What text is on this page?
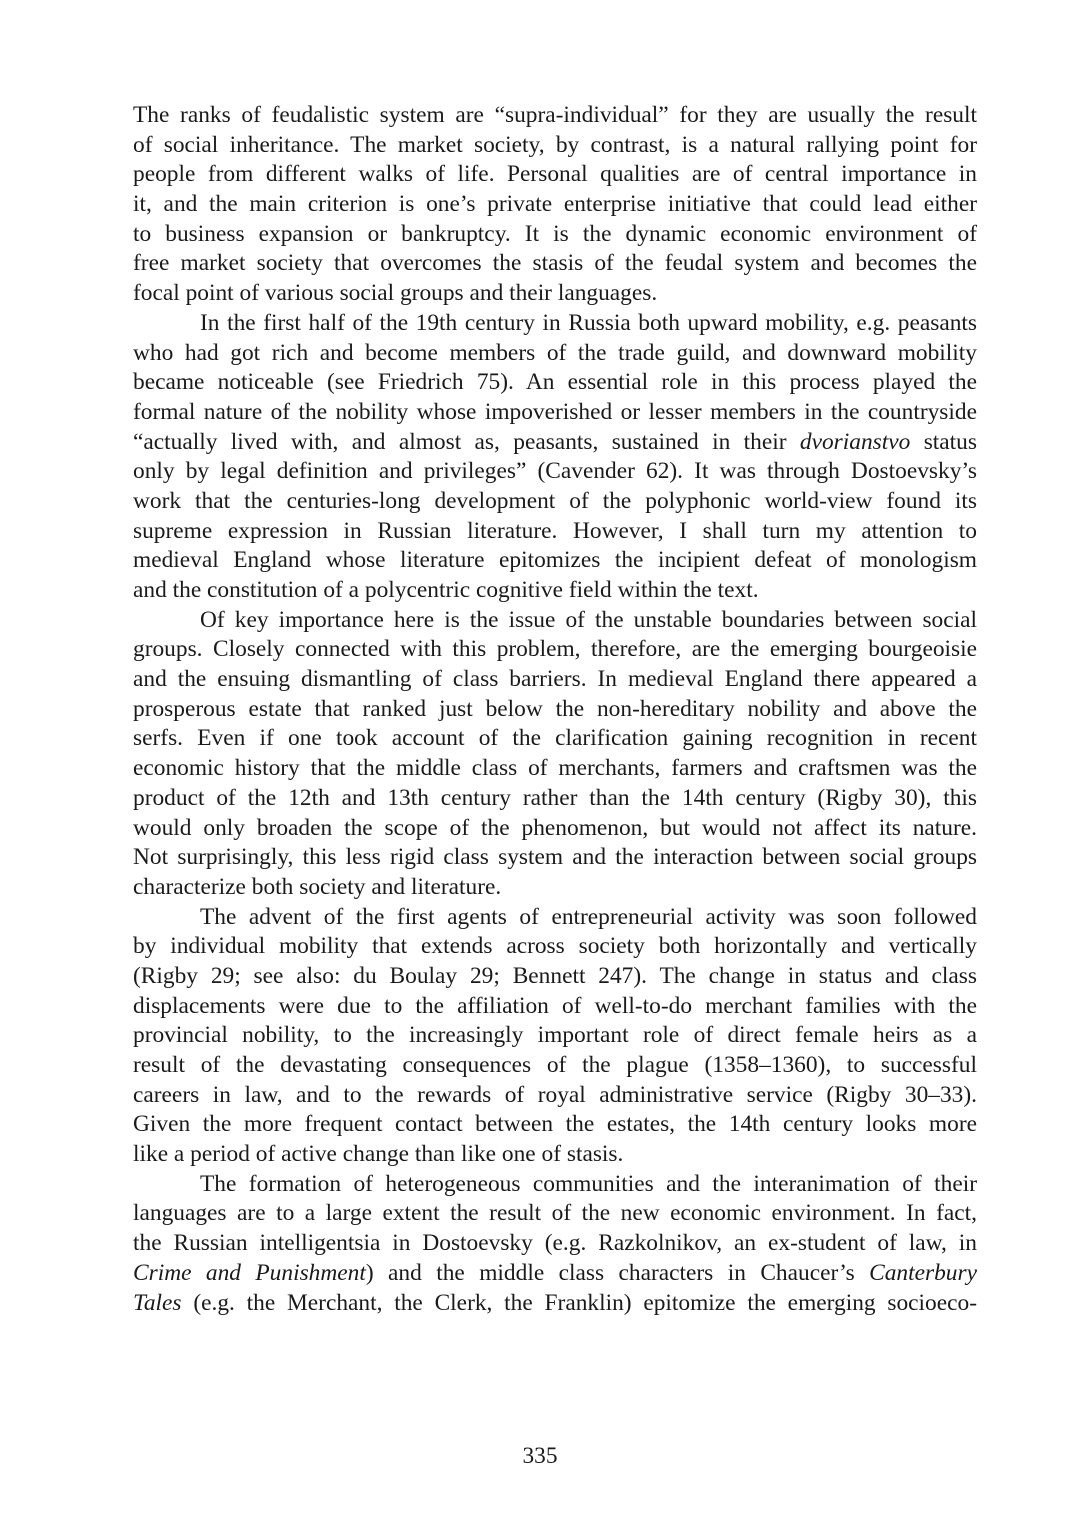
The ranks of feudalistic system are “supra-individual” for they are usually the result
of social inheritance. The market society, by contrast, is a natural rallying point for
people from different walks of life. Personal qualities are of central importance in
it, and the main criterion is one’s private enterprise initiative that could lead either
to business expansion or bankruptcy. It is the dynamic economic environment of
free market society that overcomes the stasis of the feudal system and becomes the
focal point of various social groups and their languages.
In the first half of the 19th century in Russia both upward mobility, e.g. peasants
who had got rich and become members of the trade guild, and downward mobility
became noticeable (see Friedrich 75). An essential role in this process played the
formal nature of the nobility whose impoverished or lesser members in the countryside
“actually lived with, and almost as, peasants, sustained in their dvorianstvo status
only by legal definition and privileges” (Cavender 62). It was through Dostoevsky’s
work that the centuries-long development of the polyphonic world-view found its
supreme expression in Russian literature. However, I shall turn my attention to
medieval England whose literature epitomizes the incipient defeat of monologism
and the constitution of a polycentric cognitive field within the text.
Of key importance here is the issue of the unstable boundaries between social
groups. Closely connected with this problem, therefore, are the emerging bourgeoisie
and the ensuing dismantling of class barriers. In medieval England there appeared a
prosperous estate that ranked just below the non-hereditary nobility and above the
serfs. Even if one took account of the clarification gaining recognition in recent
economic history that the middle class of merchants, farmers and craftsmen was the
product of the 12th and 13th century rather than the 14th century (Rigby 30), this
would only broaden the scope of the phenomenon, but would not affect its nature.
Not surprisingly, this less rigid class system and the interaction between social groups
characterize both society and literature.
The advent of the first agents of entrepreneurial activity was soon followed
by individual mobility that extends across society both horizontally and vertically
(Rigby 29; see also: du Boulay 29; Bennett 247). The change in status and class
displacements were due to the affiliation of well-to-do merchant families with the
provincial nobility, to the increasingly important role of direct female heirs as a
result of the devastating consequences of the plague (1358–1360), to successful
careers in law, and to the rewards of royal administrative service (Rigby 30–33).
Given the more frequent contact between the estates, the 14th century looks more
like a period of active change than like one of stasis.
The formation of heterogeneous communities and the interanimation of their
languages are to a large extent the result of the new economic environment. In fact,
the Russian intelligentsia in Dostoevsky (e.g. Razkolnikov, an ex-student of law, in
Crime and Punishment) and the middle class characters in Chaucer’s Canterbury
Tales (e.g. the Merchant, the Clerk, the Franklin) epitomize the emerging socioeco-
335
